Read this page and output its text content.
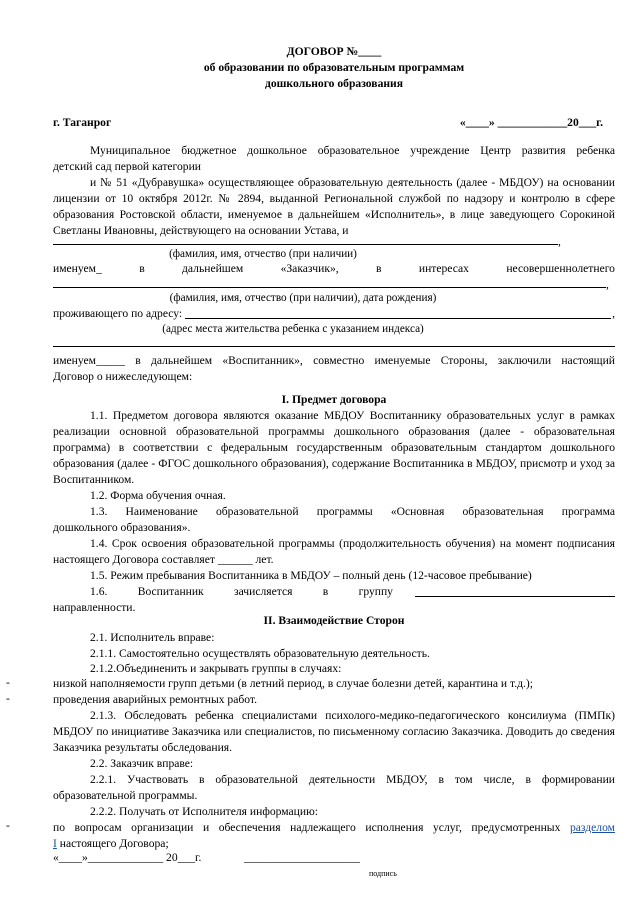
ДОГОВОР №____
об образовании по образовательным программам
дошкольного образования
г. Таганрог	«____» ____________20___г.
Муниципальное бюджетное дошкольное образовательное учреждение Центр развития ребенка
детский сад первой категории
и № 51 «Дубравушка» осуществляющее образовательную деятельность (далее - МБДОУ) на основании лицензии от 10 октября 2012г. № 2894, выданной Региональной службой по надзору и контролю в сфере образования Ростовской области, именуемое в дальнейшем «Исполнитель», в лице заведующего Сорокиной Светланы Ивановны, действующего на основании Устава, и
,
(фамилия, имя, отчество (при наличии)
именуем_	в	дальнейшем	«Заказчик»,	в	интересах	несовершеннолетнего
,
(фамилия, имя, отчество (при наличии), дата рождения)
проживающего по адресу:	,
(адрес места жительства ребенка с указанием индекса)
именуем_____ в дальнейшем «Воспитанник», совместно именуемые Стороны, заключили настоящий
Договор о нижеследующем:
I. Предмет договора
1.1. Предметом договора являются оказание МБДОУ Воспитаннику образовательных услуг в рамках реализации основной образовательной программы дошкольного образования (далее - образовательная программа) в соответствии с федеральным государственным образовательным стандартом дошкольного образования (далее - ФГОС дошкольного образования), содержание Воспитанника в МБДОУ, присмотр и уход за Воспитанником.
1.2. Форма обучения очная.
1.3. Наименование образовательной программы «Основная образовательная программа
дошкольного образования».
1.4. Срок освоения образовательной программы (продолжительность обучения) на момент подписания настоящего Договора составляет ______ лет.
1.5. Режим пребывания Воспитанника в МБДОУ – полный день (12-часовое пребывание)
1.6.	Воспитанник	зачисляется	в	группу
направленности.
II. Взаимодействие Сторон
2.1. Исполнитель вправе:
2.1.1. Самостоятельно осуществлять образовательную деятельность.
2.1.2.Объединенить и закрывать группы в случаях:
-	низкой наполняемости групп детьми (в летний период, в случае болезни детей, карантина и т.д.);
-	проведения аварийных ремонтных работ.
2.1.3. Обследовать ребенка специалистами психолого-медико-педагогического консилиума (ПМПк) МБДОУ по инициативе Заказчика или специалистов, по письменному согласию Заказчика. Доводить до сведения Заказчика результаты обследования.
2.2. Заказчик вправе:
2.2.1. Участвовать в образовательной деятельности МБДОУ, в том числе, в формировании образовательной программы.
2.2.2. Получать от Исполнителя информацию:
-	по вопросам организации и обеспечения надлежащего исполнения услуг, предусмотренных разделом
I настоящего Договора;
«____»_____________ 20___г.	____________________
подпись
